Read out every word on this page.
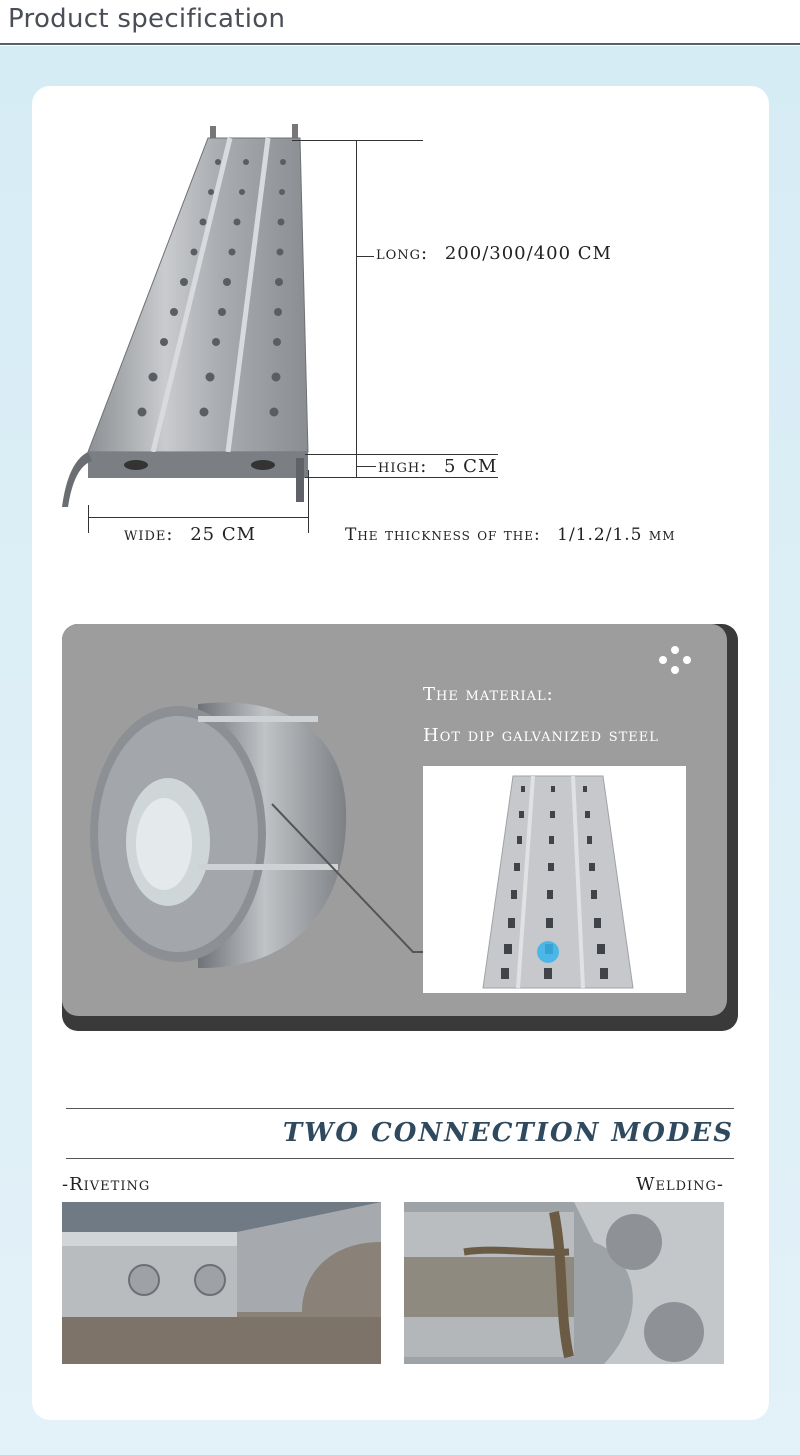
Product specification
long: 200/300/400 CM
high: 5 CM
wide: 25 CM	The thickness of the: 1/1.2/1.5 mm
The material:
Hot dip galvanized steel
TWO CONNECTION MODES
-Riveting	Welding-
